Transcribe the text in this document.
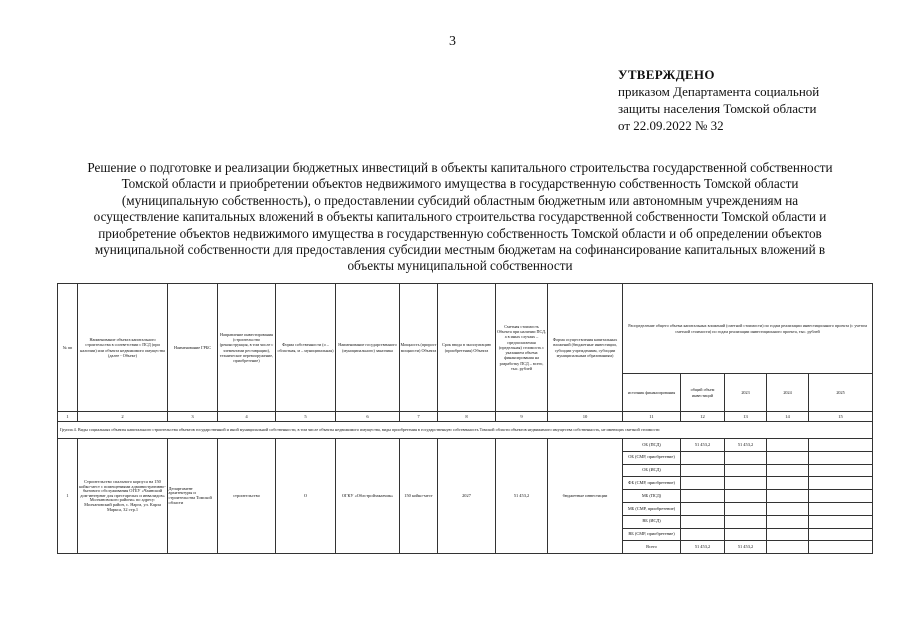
3
УТВЕРЖДЕНО
приказом Департамента социальной
защиты населения Томской области
от 22.09.2022 № 32
Решение о подготовке и реализации бюджетных инвестиций в объекты капитального строительства государственной собственности
Томской области и приобретении объектов недвижимого имущества в государственную собственность Томской области
(муниципальную собственность), о предоставлении субсидий областным бюджетным или автономным учреждениям на
осуществление капитальных вложений в объекты капитального строительства государственной собственности Томской области и
приобретение объектов недвижимого имущества в государственную собственность Томской области и об определении объектов
муниципальной собственности для предоставления субсидии местным бюджетам на софинансирование капитальных вложений в
объекты муниципальной собственности
№ пп	Наименование объекта капитального строительства в соответствии с ПСД (при наличии) или объекта недвижимого имущества (далее - Объект)	Наименование ГРБС	Направление инвестирования (строительство (реконструкция, в том числе с элементами реставрации), техническое перевооружение, приобретение)	Форма собственности (о – областная, м – муниципальная)	Наименование государственного (муниципального) заказчика	Мощность (прирост мощности) Объекта	Срок ввода в эксплуатацию (приобретения) Объекта	Сметная стоимость Объекта при наличии ПСД, а в иных случаях – предполагаемая (предельная) стоимость с указанием объема финансирования на разработку ПСД – всего, тыс. рублей	Форма осуществления капитальных вложений (бюджетные инвестиции, субсидии учреждениям, субсидии муниципальным образованиям)	Распределение общего объема капитальных вложений (сметной стоимости) по годам реализации инвестиционного проекта (с учетом сметной стоимости) по годам реализации инвестиционного проекта, тыс. рублей				
										источник финансирования	общий объем инвестиций	2023	2024	2025
1	2	3	4	5	6	7	8	9	10	11	12	13	14	15
Группа 4. Виды социальных объекты капитального строительства объектов государственной и иной муниципальной собственности, в том числе объекты недвижимого имущества, виды приобретения в государственную собственность Томской области объектов недвижимого имущества собственность, не имеющих сметной стоимости														
1	Строительство спального корпуса на 150 койко-мест с помещениями административно-бытового обслуживания ОГБУ «Чаинский дом-интернат для престарелых и инвалидов» Молчановского района» по адресу: Молчановский район, с. Нарга, ул. Карла Маркса, 32 стр.1	Департамент архитектуры и строительства Томской области	строительство	О	ОГКУ «Облстройзаказчик»	150 койко-мест	2027	51 453,2	бюджетные инвестиции	ОБ (ПСД)	51 453,2	51 453,2		
										ОБ (СМР, приобретение)				
										ОБ (ИСД)				
										ФБ (СМР, приобретение)				
										МБ (ПСД)				
										МБ (СМР, приобретение)				
										ВБ (ИСД)				
										ВБ (СМР, приобретение)				
										Всего	51 453,2	51 453,2		
